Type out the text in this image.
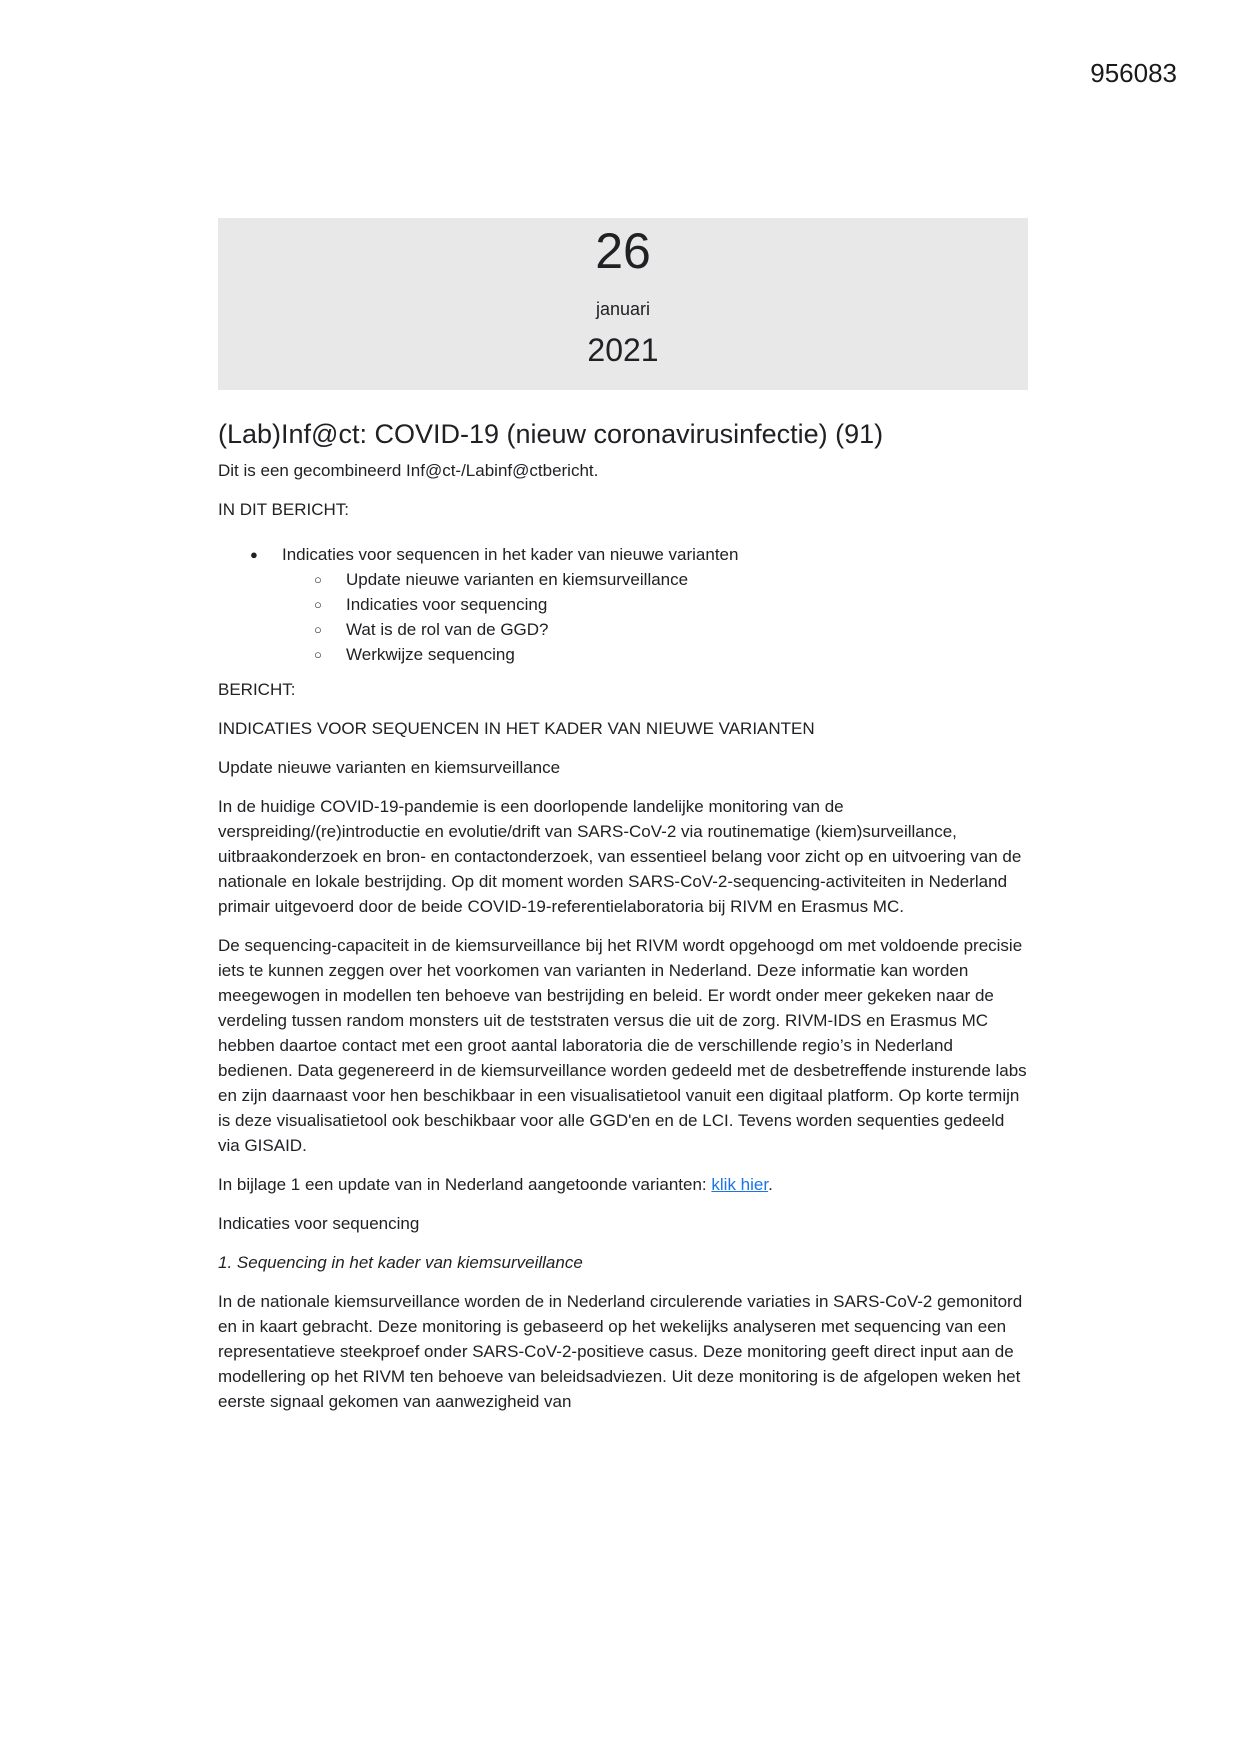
956083
26
januari
2021
(Lab)Inf@ct: COVID-19 (nieuw coronavirusinfectie) (91)

Dit is een gecombineerd Inf@ct-/Labinf@ctbericht.

IN DIT BERICHT:

● Indicaties voor sequencen in het kader van nieuwe varianten
○ Update nieuwe varianten en kiemsurveillance
○ Indicaties voor sequencing
○ Wat is de rol van de GGD?
○ Werkwijze sequencing

BERICHT:

INDICATIES VOOR SEQUENCEN IN HET KADER VAN NIEUWE VARIANTEN

Update nieuwe varianten en kiemsurveillance

In de huidige COVID-19-pandemie is een doorlopende landelijke monitoring van de verspreiding/(re)introductie en evolutie/drift van SARS-CoV-2 via routinematige (kiem)surveillance, uitbraakonderzoek en bron- en contactonderzoek, van essentieel belang voor zicht op en uitvoering van de nationale en lokale bestrijding. Op dit moment worden SARS-CoV-2-sequencing-activiteiten in Nederland primair uitgevoerd door de beide COVID-19-referentielaboratoria bij RIVM en Erasmus MC.

De sequencing-capaciteit in de kiemsurveillance bij het RIVM wordt opgehoogd om met voldoende precisie iets te kunnen zeggen over het voorkomen van varianten in Nederland. Deze informatie kan worden meegewogen in modellen ten behoeve van bestrijding en beleid. Er wordt onder meer gekeken naar de verdeling tussen random monsters uit de teststraten versus die uit de zorg. RIVM-IDS en Erasmus MC hebben daartoe contact met een groot aantal laboratoria die de verschillende regio’s in Nederland bedienen. Data gegenereerd in de kiemsurveillance worden gedeeld met de desbetreffende insturende labs en zijn daarnaast voor hen beschikbaar in een visualisatietool vanuit een digitaal platform. Op korte termijn is deze visualisatietool ook beschikbaar voor alle GGD'en en de LCI. Tevens worden sequenties gedeeld via GISAID.

In bijlage 1 een update van in Nederland aangetoonde varianten: klik hier.

Indicaties voor sequencing

1. Sequencing in het kader van kiemsurveillance

In de nationale kiemsurveillance worden de in Nederland circulerende variaties in SARS-CoV-2 gemonitord en in kaart gebracht. Deze monitoring is gebaseerd op het wekelijks analyseren met sequencing van een representatieve steekproef onder SARS-CoV-2-positieve casus. Deze monitoring geeft direct input aan de modellering op het RIVM ten behoeve van beleidsadviezen. Uit deze monitoring is de afgelopen weken het eerste signaal gekomen van aanwezigheid van
